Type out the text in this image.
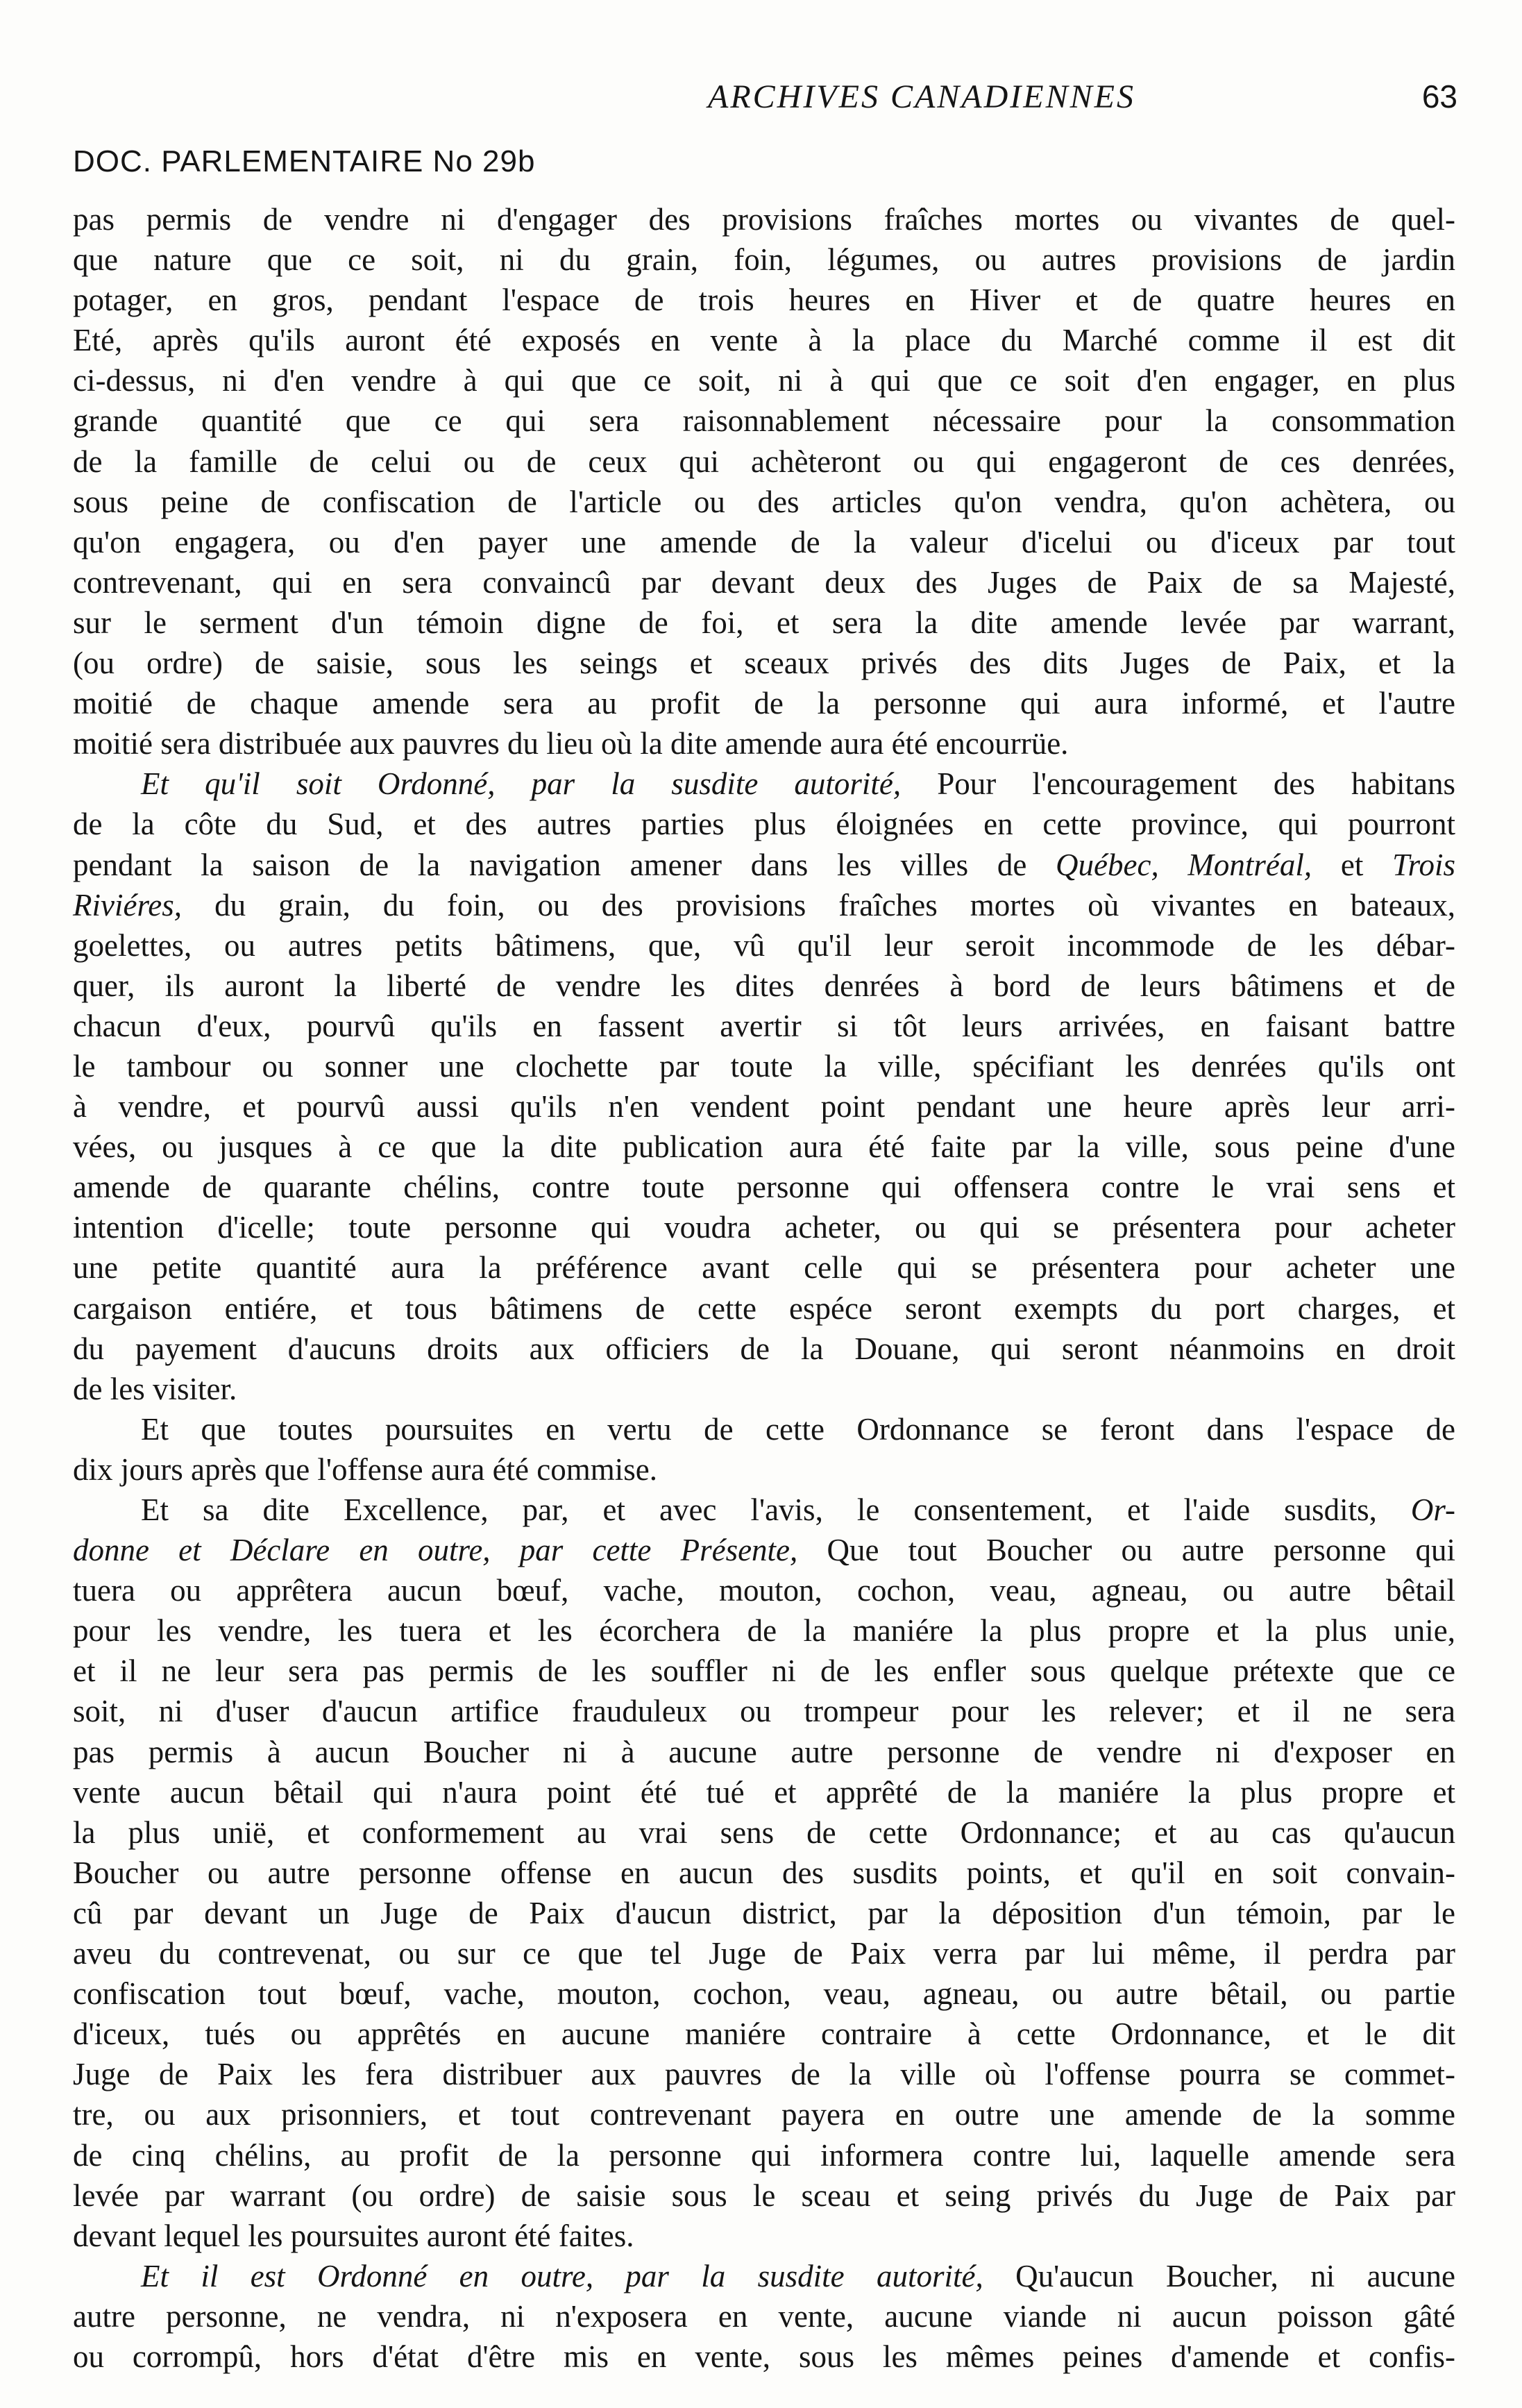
ARCHIVES CANADIENNES	63
DOC. PARLEMENTAIRE No 29b
pas permis de vendre ni d'engager des provisions fraîches mortes ou vivantes de quel-
que nature que ce soit, ni du grain, foin, légumes, ou autres provisions de jardin
potager, en gros, pendant l'espace de trois heures en Hiver et de quatre heures en
Eté, après qu'ils auront été exposés en vente à la place du Marché comme il est dit
ci-dessus, ni d'en vendre à qui que ce soit, ni à qui que ce soit d'en engager, en plus
grande quantité que ce qui sera raisonnablement nécessaire pour la consommation
de la famille de celui ou de ceux qui achèteront ou qui engageront de ces denrées,
sous peine de confiscation de l'article ou des articles qu'on vendra, qu'on achètera, ou
qu'on engagera, ou d'en payer une amende de la valeur d'icelui ou d'iceux par tout
contrevenant, qui en sera convaincû par devant deux des Juges de Paix de sa Majesté,
sur le serment d'un témoin digne de foi, et sera la dite amende levée par warrant,
(ou ordre) de saisie, sous les seings et sceaux privés des dits Juges de Paix, et la
moitié de chaque amende sera au profit de la personne qui aura informé, et l'autre
moitié sera distribuée aux pauvres du lieu où la dite amende aura été encourrüe.
Et qu'il soit Ordonné, par la susdite autorité, Pour l'encouragement des habitans
de la côte du Sud, et des autres parties plus éloignées en cette province, qui pourront
pendant la saison de la navigation amener dans les villes de Québec, Montréal, et Trois
Riviéres, du grain, du foin, ou des provisions fraîches mortes où vivantes en bateaux,
goelettes, ou autres petits bâtimens, que, vû qu'il leur seroit incommode de les débar-
quer, ils auront la liberté de vendre les dites denrées à bord de leurs bâtimens et de
chacun d'eux, pourvû qu'ils en fassent avertir si tôt leurs arrivées, en faisant battre
le tambour ou sonner une clochette par toute la ville, spécifiant les denrées qu'ils ont
à vendre, et pourvû aussi qu'ils n'en vendent point pendant une heure après leur arri-
vées, ou jusques à ce que la dite publication aura été faite par la ville, sous peine d'une
amende de quarante chélins, contre toute personne qui offensera contre le vrai sens et
intention d'icelle; toute personne qui voudra acheter, ou qui se présentera pour acheter
une petite quantité aura la préférence avant celle qui se présentera pour acheter une
cargaison entiére, et tous bâtimens de cette espéce seront exempts du port charges, et
du payement d'aucuns droits aux officiers de la Douane, qui seront néanmoins en droit
de les visiter.
Et que toutes poursuites en vertu de cette Ordonnance se feront dans l'espace de
dix jours après que l'offense aura été commise.
Et sa dite Excellence, par, et avec l'avis, le consentement, et l'aide susdits, Or-
donne et Déclare en outre, par cette Présente, Que tout Boucher ou autre personne qui
tuera ou apprêtera aucun bœuf, vache, mouton, cochon, veau, agneau, ou autre bêtail
pour les vendre, les tuera et les écorchera de la maniére la plus propre et la plus unie,
et il ne leur sera pas permis de les souffler ni de les enfler sous quelque prétexte que ce
soit, ni d'user d'aucun artifice frauduleux ou trompeur pour les relever; et il ne sera
pas permis à aucun Boucher ni à aucune autre personne de vendre ni d'exposer en
vente aucun bêtail qui n'aura point été tué et apprêté de la maniére la plus propre et
la plus unië, et conformement au vrai sens de cette Ordonnance; et au cas qu'aucun
Boucher ou autre personne offense en aucun des susdits points, et qu'il en soit convain-
cû par devant un Juge de Paix d'aucun district, par la déposition d'un témoin, par le
aveu du contrevenat, ou sur ce que tel Juge de Paix verra par lui même, il perdra par
confiscation tout bœuf, vache, mouton, cochon, veau, agneau, ou autre bêtail, ou partie
d'iceux, tués ou apprêtés en aucune maniére contraire à cette Ordonnance, et le dit
Juge de Paix les fera distribuer aux pauvres de la ville où l'offense pourra se commet-
tre, ou aux prisonniers, et tout contrevenant payera en outre une amende de la somme
de cinq chélins, au profit de la personne qui informera contre lui, laquelle amende sera
levée par warrant (ou ordre) de saisie sous le sceau et seing privés du Juge de Paix par
devant lequel les poursuites auront été faites.
Et il est Ordonné en outre, par la susdite autorité, Qu'aucun Boucher, ni aucune
autre personne, ne vendra, ni n'exposera en vente, aucune viande ni aucun poisson gâté
ou corrompû, hors d'état d'être mis en vente, sous les mêmes peines d'amende et confis-
